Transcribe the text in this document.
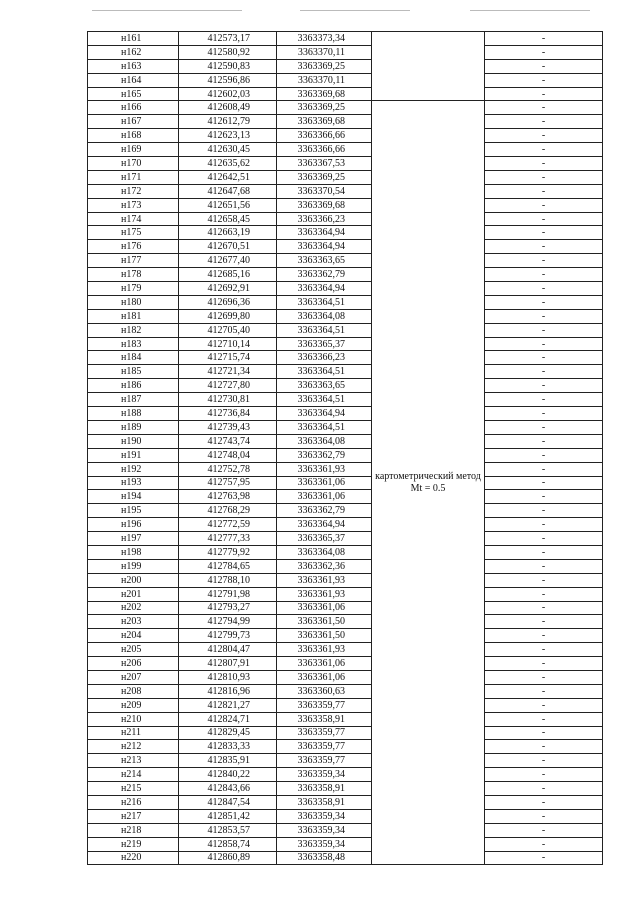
н161	412573,17	3363373,34		-
н162	412580,92	3363370,11		-
н163	412590,83	3363369,25		-
н164	412596,86	3363370,11		-
н165	412602,03	3363369,68		-
н166	412608,49	3363369,25	картометрический метод Mt = 0.5	-
н167	412612,79	3363369,68		-
н168	412623,13	3363366,66		-
н169	412630,45	3363366,66		-
н170	412635,62	3363367,53		-
н171	412642,51	3363369,25		-
н172	412647,68	3363370,54		-
н173	412651,56	3363369,68		-
н174	412658,45	3363366,23		-
н175	412663,19	3363364,94		-
н176	412670,51	3363364,94		-
н177	412677,40	3363363,65		-
н178	412685,16	3363362,79		-
н179	412692,91	3363364,94		-
н180	412696,36	3363364,51		-
н181	412699,80	3363364,08		-
н182	412705,40	3363364,51		-
н183	412710,14	3363365,37		-
н184	412715,74	3363366,23		-
н185	412721,34	3363364,51		-
н186	412727,80	3363363,65		-
н187	412730,81	3363364,51		-
н188	412736,84	3363364,94		-
н189	412739,43	3363364,51		-
н190	412743,74	3363364,08		-
н191	412748,04	3363362,79		-
н192	412752,78	3363361,93		-
н193	412757,95	3363361,06		-
н194	412763,98	3363361,06		-
н195	412768,29	3363362,79		-
н196	412772,59	3363364,94		-
н197	412777,33	3363365,37		-
н198	412779,92	3363364,08		-
н199	412784,65	3363362,36		-
н200	412788,10	3363361,93		-
н201	412791,98	3363361,93		-
н202	412793,27	3363361,06		-
н203	412794,99	3363361,50		-
н204	412799,73	3363361,50		-
н205	412804,47	3363361,93		-
н206	412807,91	3363361,06		-
н207	412810,93	3363361,06		-
н208	412816,96	3363360,63		-
н209	412821,27	3363359,77		-
н210	412824,71	3363358,91		-
н211	412829,45	3363359,77		-
н212	412833,33	3363359,77		-
н213	412835,91	3363359,77		-
н214	412840,22	3363359,34		-
н215	412843,66	3363358,91		-
н216	412847,54	3363358,91		-
н217	412851,42	3363359,34		-
н218	412853,57	3363359,34		-
н219	412858,74	3363359,34		-
н220	412860,89	3363358,48		-
